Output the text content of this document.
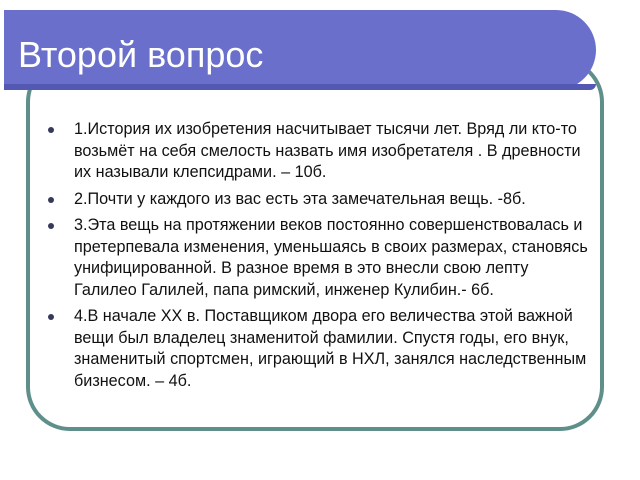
Второй вопрос
1.История их изобретения насчитывает тысячи лет. Вряд ли кто-то возьмёт на себя смелость назвать имя изобретателя . В древности их называли клепсидрами. – 10б.
2.Почти у каждого из вас есть эта замечательная вещь. -8б.
3.Эта вещь на протяжении веков постоянно совершенствовалась и претерпевала изменения, уменьшаясь в своих размерах, становясь унифицированной. В разное время в это внесли свою лепту Галилео Галилей, папа римский, инженер Кулибин.- 6б.
4.В начале XX в. Поставщиком двора его величества этой важной вещи был владелец знаменитой фамилии. Спустя годы, его внук, знаменитый спортсмен, играющий в НХЛ, занялся наследственным бизнесом. – 4б.
